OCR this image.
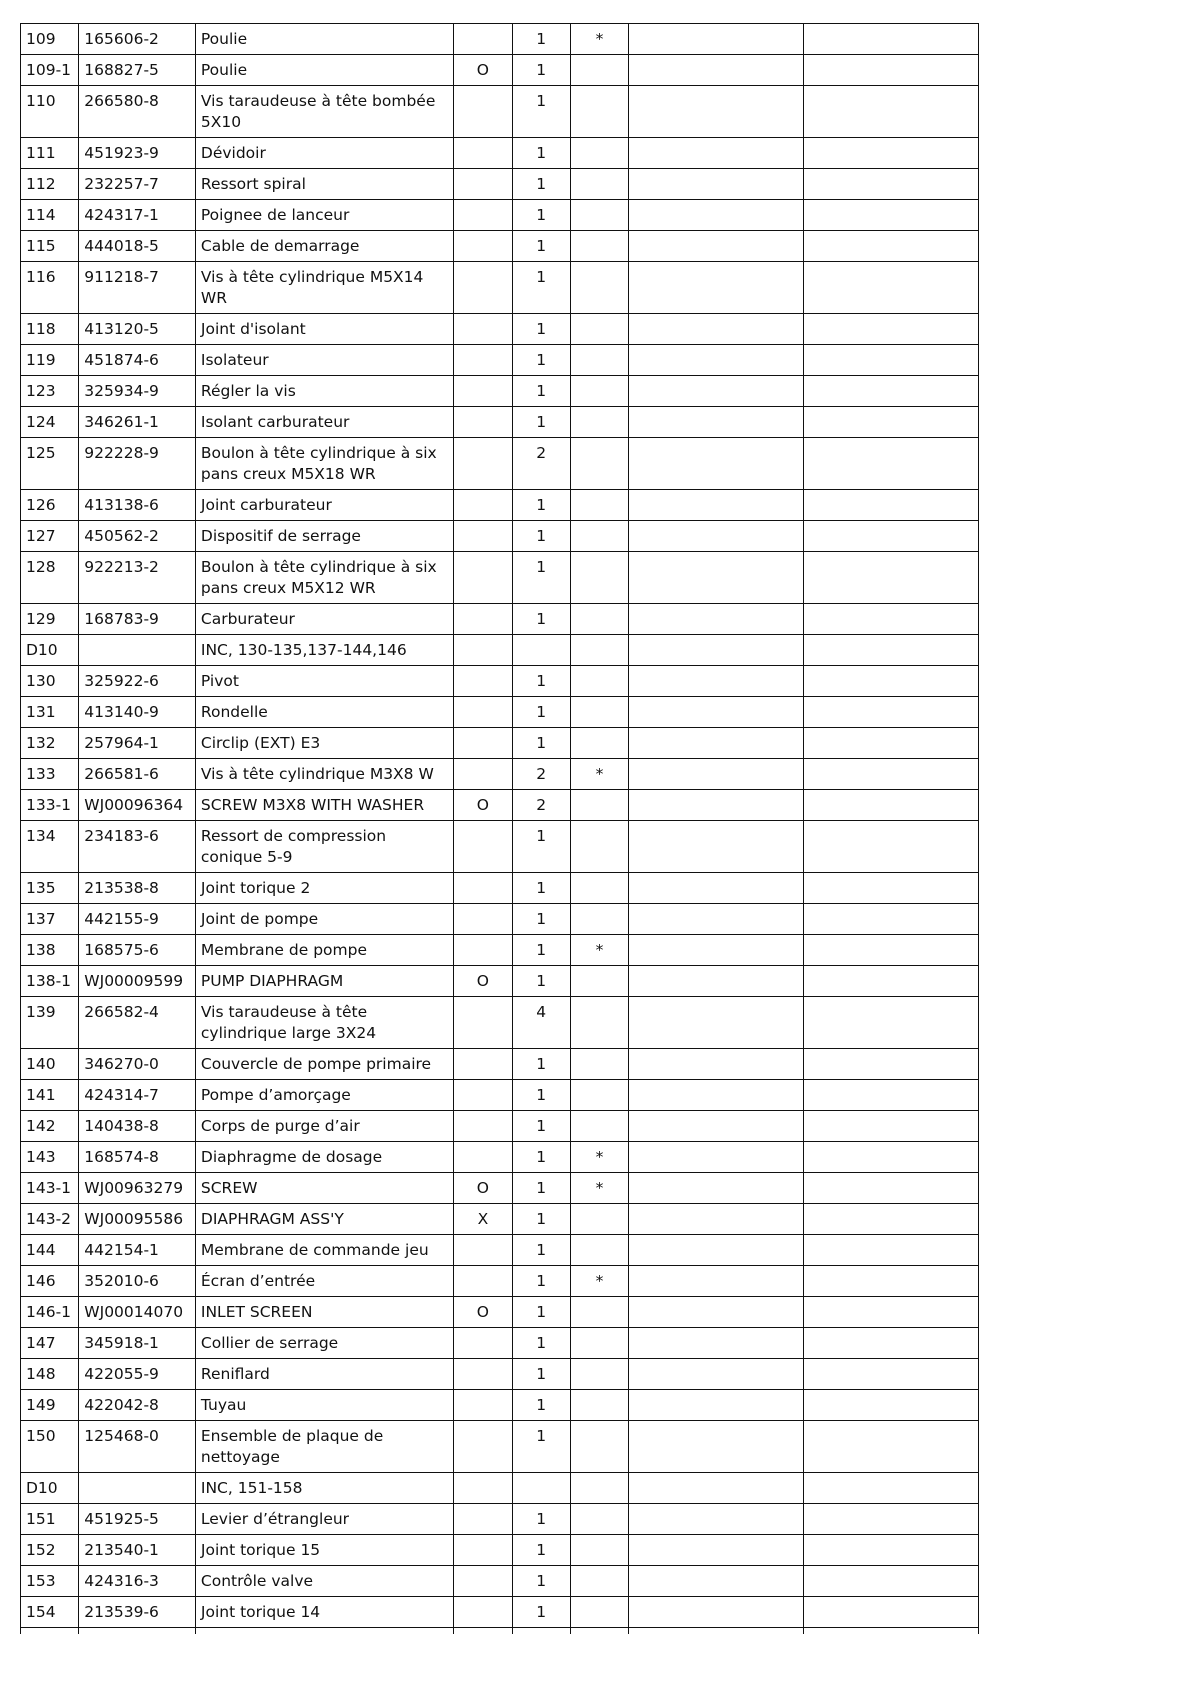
109	165606-2	Poulie		1	*		
109-1	168827-5	Poulie	O	1			
110	266580-8	Vis taraudeuse à tête bombée 5X10		1			
111	451923-9	Dévidoir		1			
112	232257-7	Ressort spiral		1			
114	424317-1	Poignee de lanceur		1			
115	444018-5	Cable de demarrage		1			
116	911218-7	Vis à tête cylindrique M5X14 WR		1			
118	413120-5	Joint d'isolant		1			
119	451874-6	Isolateur		1			
123	325934-9	Régler la vis		1			
124	346261-1	Isolant carburateur		1			
125	922228-9	Boulon à tête cylindrique à six pans creux M5X18 WR		2			
126	413138-6	Joint carburateur		1			
127	450562-2	Dispositif de serrage		1			
128	922213-2	Boulon à tête cylindrique à six pans creux M5X12 WR		1			
129	168783-9	Carburateur		1			
D10		INC, 130-135,137-144,146					
130	325922-6	Pivot		1			
131	413140-9	Rondelle		1			
132	257964-1	Circlip (EXT) E3		1			
133	266581-6	Vis à tête cylindrique M3X8 W		2	*		
133-1	WJ00096364	SCREW M3X8 WITH WASHER	O	2			
134	234183-6	Ressort de compression conique 5-9		1			
135	213538-8	Joint torique 2		1			
137	442155-9	Joint de pompe		1			
138	168575-6	Membrane de pompe		1	*		
138-1	WJ00009599	PUMP DIAPHRAGM	O	1			
139	266582-4	Vis taraudeuse à tête cylindrique large 3X24		4			
140	346270-0	Couvercle de pompe primaire		1			
141	424314-7	Pompe d’amorçage		1			
142	140438-8	Corps de purge d’air		1			
143	168574-8	Diaphragme de dosage		1	*		
143-1	WJ00963279	SCREW	O	1	*		
143-2	WJ00095586	DIAPHRAGM ASS'Y	X	1			
144	442154-1	Membrane de commande jeu		1			
146	352010-6	Écran d’entrée		1	*		
146-1	WJ00014070	INLET SCREEN	O	1			
147	345918-1	Collier de serrage		1			
148	422055-9	Reniflard		1			
149	422042-8	Tuyau		1			
150	125468-0	Ensemble de plaque de nettoyage		1			
D10		INC, 151-158					
151	451925-5	Levier d’étrangleur		1			
152	213540-1	Joint torique 15		1			
153	424316-3	Contrôle valve		1			
154	213539-6	Joint torique 14		1			
